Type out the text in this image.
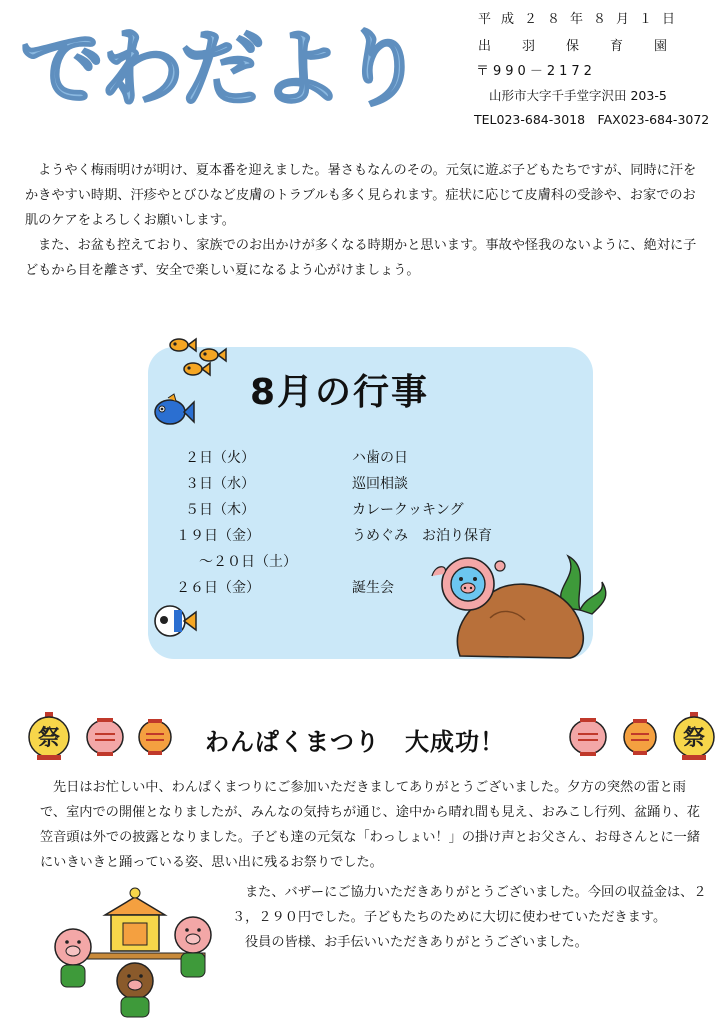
でわだより
平成２８年８月１日
出羽保育園
〒990－2172
山形市大字千手堂字沢田 203-5
TEL023-684-3018　FAX023-684-3072

ようやく梅雨明けが明け、夏本番を迎えました。暑さもなんのその。元気に遊ぶ子どもたちですが、同時に汗をかきやすい時期、汗疹やとびひなど皮膚のトラブルも多く見られます。症状に応じて皮膚科の受診や、お家でのお肌のケアをよろしくお願いします。

また、お盆も控えており、家族でのお出かけが多くなる時期かと思います。事故や怪我のないように、絶対に子どもから目を離さず、安全で楽しい夏になるよう心がけましょう。

8月の行事
２日（火）	ハ歯の日
３日（水）	巡回相談
５日（木）	カレークッキング
１９日（金）	うめぐみ　お泊り保育
　～２０日（土）
２６日（金）	誕生会
祭	わんぱくまつり　大成功！	祭

先日はお忙しい中、わんぱくまつりにご参加いただきましてありがとうございました。夕方の突然の雷と雨で、室内での開催となりましたが、みんなの気持ちが通じ、途中から晴れ間も見え、おみこし行列、盆踊り、花笠音頭は外での披露となりました。子ども達の元気な「わっしょい！」の掛け声とお父さん、お母さんとに一緒にいきいきと踊っている姿、思い出に残るお祭りでした。

また、バザーにご協力いただきありがとうございました。今回の収益金は、２３，２９０円でした。子どもたちのために大切に使わせていただきます。

役員の皆様、お手伝いいただきありがとうございました。
